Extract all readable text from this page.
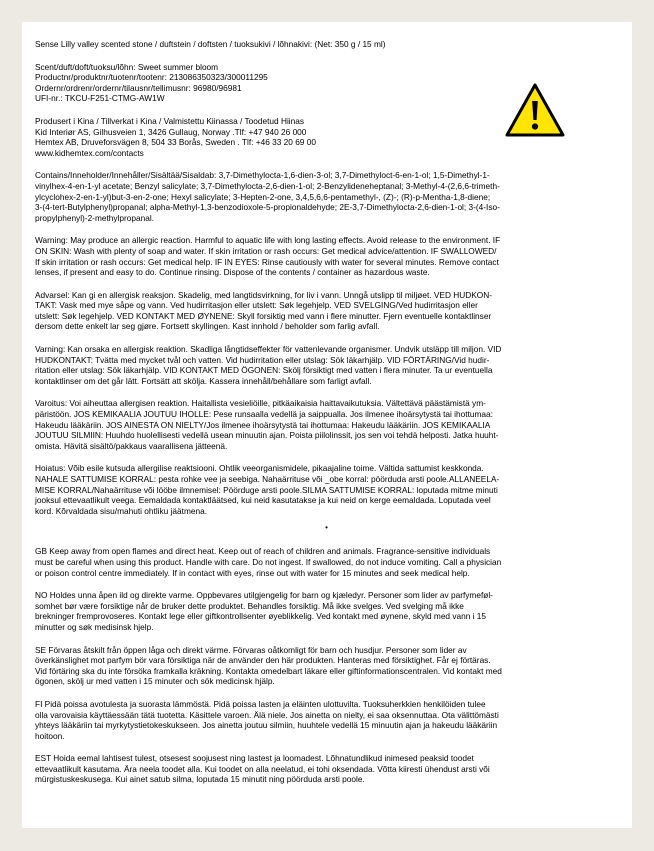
Sense Lilly valley scented stone / duftstein / doftsten / tuoksukivi / lõhnakivi: (Net: 350 g / 15 ml)

Scent/duft/doft/tuoksu/lõhn: Sweet summer bloom
Productnr/produktnr/tuotenr/tootenr: 213086350323/300011295
Ordernr/ordrenr/ordernr/tilausnr/tellimusnr: 96980/96981
UFI-nr.: TKCU-F251-CTMG-AW1W

Produsert i Kina / Tillverkat i Kina / Valmistettu Kiinassa / Toodetud Hiinas
Kid Interiør AS, Gilhusveien 1, 3426 Gullaug, Norway .Tlf: +47 940 26 000
Hemtex AB, Druveforsvägen 8, 504 33 Borås, Sweden . Tlf: +46 33 20 69 00
www.kidhemtex.com/contacts

Contains/Inneholder/Innehåller/Sisältää/Sisaldab: 3,7-Dimethylocta-1,6-dien-3-ol; 3,7-Dimethyloct-6-en-1-ol; 1,5-Dimethyl-1-
vinylhex-4-en-1-yl acetate; Benzyl salicylate; 3,7-Dimethylocta-2,6-dien-1-ol; 2-Benzylideneheptanal; 3-Methyl-4-(2,6,6-trimeth-
ylcyclohex-2-en-1-yl)but-3-en-2-one; Hexyl salicylate; 3-Hepten-2-one, 3,4,5,6,6-pentamethyl-, (Z)-; (R)-p-Mentha-1,8-diene;
3-(4-tert-Butylphenyl)propanal; alpha-Methyl-1,3-benzodioxole-5-propionaldehyde; 2E-3,7-Dimethylocta-2,6-dien-1-ol; 3-(4-Iso-
propylphenyl)-2-methylpropanal.

Warning: May produce an allergic reaction. Harmful to aquatic life with long lasting effects. Avoid release to the environment. IF
ON SKIN: Wash with plenty of soap and water. If skin irritation or rash occurs: Get medical advice/attention. IF SWALLOWED/
If skin irritation or rash occurs: Get medical help. IF IN EYES: Rinse cautiously with water for several minutes. Remove contact
lenses, if present and easy to do. Continue rinsing. Dispose of the contents / container as hazardous waste.

Advarsel: Kan gi en allergisk reaksjon. Skadelig, med langtidsvirkning, for liv i vann. Unngå utslipp til miljøet. VED HUDKON-
TAKT: Vask med mye såpe og vann. Ved hudirritasjon eller utslett: Søk legehjelp. VED SVELGING/Ved hudirritasjon eller
utslett: Søk legehjelp. VED KONTAKT MED ØYNENE: Skyll forsiktig med vann i flere minutter. Fjern eventuelle kontaktlinser
dersom dette enkelt lar seg gjøre. Fortsett skyllingen. Kast innhold / beholder som farlig avfall.

Varning: Kan orsaka en allergisk reaktion. Skadliga långtidseffekter för vattenlevande organismer. Undvik utsläpp till miljon. VID
HUDKONTAKT: Tvätta med mycket tvål och vatten. Vid hudirritation eller utslag: Sök läkarhjälp. VID FÖRTÄRING/Vid hudir-
ritation eller utslag: Sök läkarhjälp. VID KONTAKT MED ÖGONEN: Skölj försiktigt med vatten i flera minuter. Ta ur eventuella
kontaktlinser om det går lätt. Fortsätt att skölja. Kassera innehåll/behållare som farligt avfall.

Varoitus: Voi aiheuttaa allergisen reaktion. Haitallista vesieliöille, pitkäaikaisia haittavaikutuksia. Vältettävä päästämistä ym-
päristöön. JOS KEMIKAALIA JOUTUU IHOLLE: Pese runsaalla vedellä ja saippualla. Jos ilmenee ihoärsytystä tai ihottumaa:
Hakeudu lääkäriin. JOS AINESTA ON NIELTY/Jos ilmenee ihoärsytystä tai ihottumaa: Hakeudu lääkäriin. JOS KEMIKAALIA
JOUTUU SILMIIN: Huuhdo huolellisesti vedellä usean minuutin ajan. Poista piilolinssit, jos sen voi tehdä helposti. Jatka huuht-
omista. Hävitä sisältö/pakkaus vaarallisena jätteenä.

Hoiatus: Võib esile kutsuda allergilise reaktsiooni. Ohtlik veeorganismidele, pikaajaline toime. Vältida sattumist keskkonda.
NAHALE SATTUMISE KORRAL: pesta rohke vee ja seebiga. Nahaärrituse või _obe korral: pöörduda arsti poole.ALLANEELA-
MISE KORRAL/Nahaärrituse või lööbe ilmnemisel: Pöörduge arsti poole.SILMA SATTUMISE KORRAL: loputada mitme minuti
jooksul ettevaatlikult veega. Eemaldada kontaktläätsed, kui neid kasutatakse ja kui neid on kerge eemaldada. Loputada veel
kord. Kõrvaldada sisu/mahuti ohtliku jäätmena.

•

GB Keep away from open flames and direct heat. Keep out of reach of children and animals. Fragrance-sensitive individuals
must be careful when using this product. Handle with care. Do not ingest. If swallowed, do not induce vomiting. Call a physician
or poison control centre immediately. If in contact with eyes, rinse out with water for 15 minutes and seek medical help.

NO Holdes unna åpen ild og direkte varme. Oppbevares utilgjengelig for barn og kjæledyr. Personer som lider av parfymeføl-
somhet bør være forsiktige når de bruker dette produktet. Behandles forsiktig. Må ikke svelges. Ved svelging må ikke
brekninger fremprovoseres. Kontakt lege eller giftkontrollsenter øyeblikkelig. Ved kontakt med øynene, skyld med vann i 15
minutter og søk medisinsk hjelp.

SE Förvaras åtskilt från öppen låga och direkt värme. Förvaras oåtkomligt för barn och husdjur. Personer som lider av
överkänslighet mot parfym bör vara försiktiga när de använder den här produkten. Hanteras med försiktighet. Får ej förtäras.
Vid förtäring ska du inte försöka framkalla kräkning. Kontakta omedelbart läkare eller giftinformationscentralen. Vid kontakt med
ögonen, skölj ur med vatten i 15 minuter och sök medicinsk hjälp.

FI Pidä poissa avotulesta ja suorasta lämmöstä. Pidä poissa lasten ja eläinten ulottuvilta. Tuoksuherkkien henkilöiden tulee
olla varovaisia käyttäessään tätä tuotetta. Käsittele varoen. Älä niele. Jos ainetta on nielty, ei saa oksennuttaa. Ota välittömästi
yhteys lääkäriin tai myrkytystietokeskukseen. Jos ainetta joutuu silmiin, huuhtele vedellä 15 minuutin ajan ja hakeudu lääkäriin
hoitoon.

EST Hoida eemal lahtisest tulest, otsesest soojusest ning lastest ja loomadest. Lõhnatundlikud inimesed peaksid toodet
ettevaatlikult kasutama. Ära neela toodet alla. Kui toodet on alla neelatud, ei tohi oksendada. Võtta kiiresti ühendust arsti või
mürgistuskeskusega. Kui ainet satub silma, loputada 15 minutit ning pöörduda arsti poole.
